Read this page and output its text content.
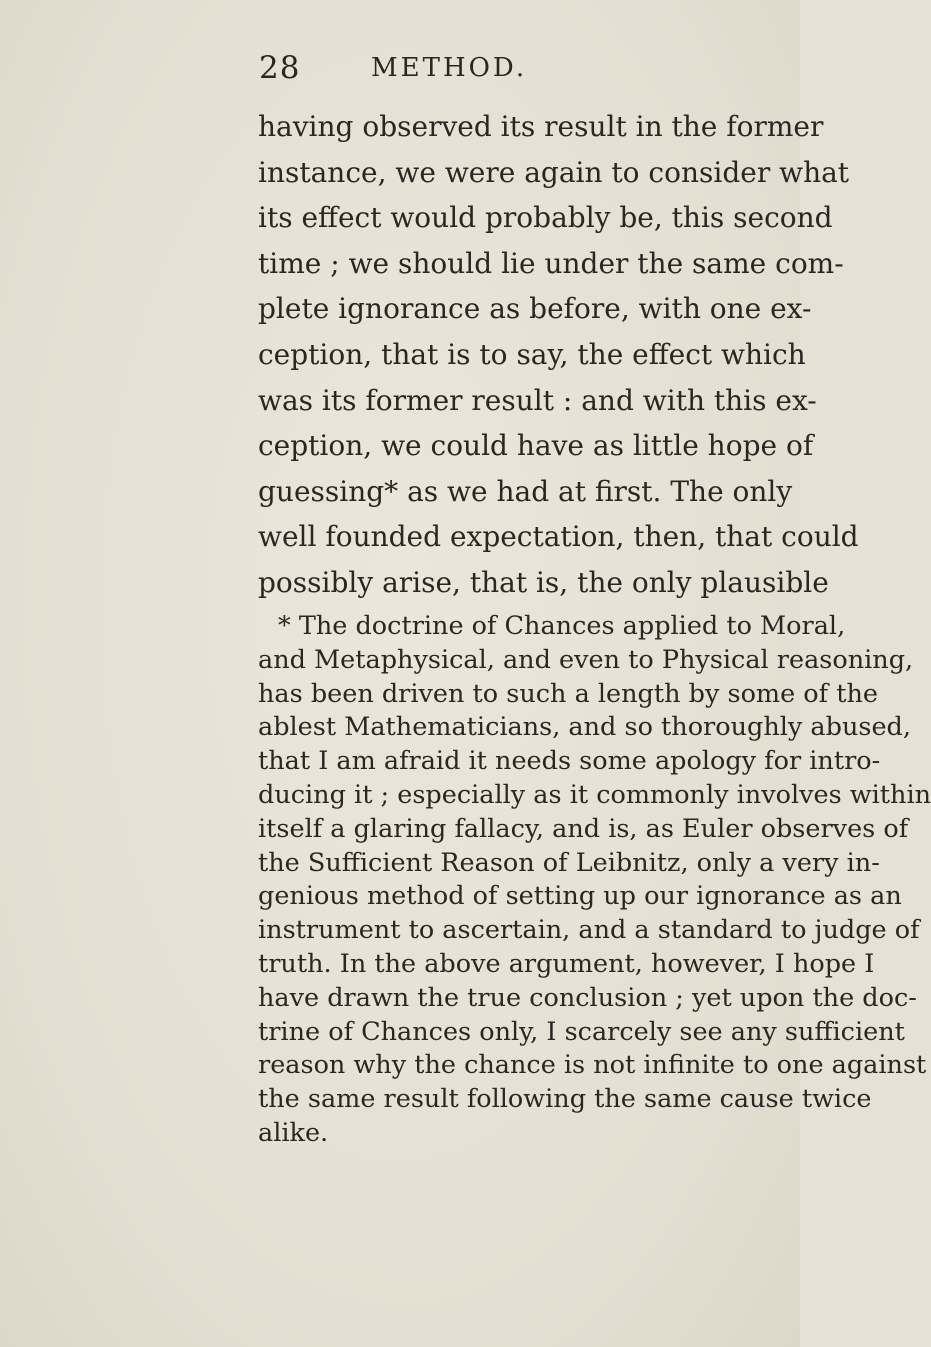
28	METHOD.
having observed its result in the former
instance, we were again to consider what
its effect would probably be, this second
time ; we should lie under the same com-
plete ignorance as before, with one ex-
ception, that is to say, the effect which
was its former result : and with this ex-
ception, we could have as little hope of
guessing* as we had at first. The only
well founded expectation, then, that could
possibly arise, that is, the only plausible
* The doctrine of Chances applied to Moral,
and Metaphysical, and even to Physical reasoning,
has been driven to such a length by some of the
ablest Mathematicians, and so thoroughly abused,
that I am afraid it needs some apology for intro-
ducing it ; especially as it commonly involves within
itself a glaring fallacy, and is, as Euler observes of
the Sufficient Reason of Leibnitz, only a very in-
genious method of setting up our ignorance as an
instrument to ascertain, and a standard to judge of
truth. In the above argument, however, I hope I
have drawn the true conclusion ; yet upon the doc-
trine of Chances only, I scarcely see any sufficient
reason why the chance is not infinite to one against
the same result following the same cause twice
alike.
